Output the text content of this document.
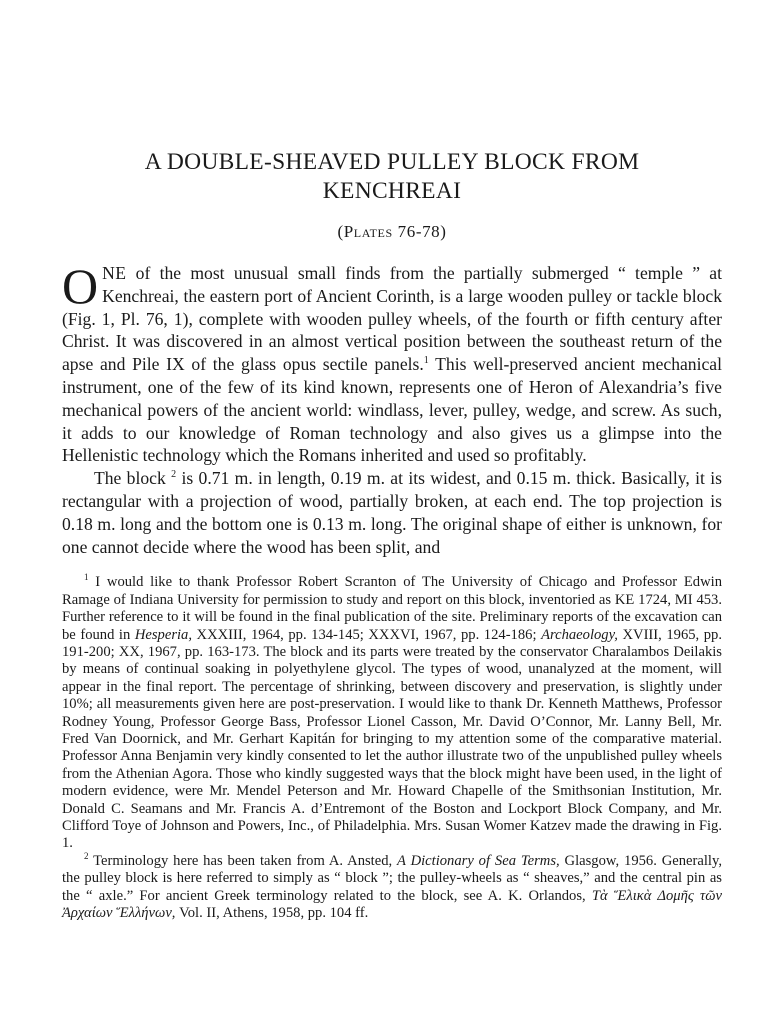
A DOUBLE-SHEAVED PULLEY BLOCK FROM
KENCHREAI
(Plates 76-78)

ONE of the most unusual small finds from the partially submerged “ temple ” at Kenchreai, the eastern port of Ancient Corinth, is a large wooden pulley or tackle block (Fig. 1, Pl. 76, 1), complete with wooden pulley wheels, of the fourth or fifth century after Christ. It was discovered in an almost vertical position between the southeast return of the apse and Pile IX of the glass opus sectile panels.$^1$ This well-preserved ancient mechanical instrument, one of the few of its kind known, represents one of Heron of Alexandria’s five mechanical powers of the ancient world: windlass, lever, pulley, wedge, and screw. As such, it adds to our knowledge of Roman technology and also gives us a glimpse into the Hellenistic technology which the Romans inherited and used so profitably.

The block $^2$ is 0.71 m. in length, 0.19 m. at its widest, and 0.15 m. thick. Basically, it is rectangular with a projection of wood, partially broken, at each end. The top projection is 0.18 m. long and the bottom one is 0.13 m. long. The original shape of either is unknown, for one cannot decide where the wood has been split, and

$^1$ I would like to thank Professor Robert Scranton of The University of Chicago and Professor Edwin Ramage of Indiana University for permission to study and report on this block, inventoried as KE 1724, MI 453. Further reference to it will be found in the final publication of the site. Preliminary reports of the excavation can be found in Hesperia, XXXIII, 1964, pp. 134-145; XXXVI, 1967, pp. 124-186; Archaeology, XVIII, 1965, pp. 191-200; XX, 1967, pp. 163-173. The block and its parts were treated by the conservator Charalambos Deilakis by means of continual soaking in polyethylene glycol. The types of wood, unanalyzed at the moment, will appear in the final report. The percentage of shrinking, between discovery and preservation, is slightly under 10%; all measurements given here are post-preservation. I would like to thank Dr. Kenneth Matthews, Professor Rodney Young, Professor George Bass, Professor Lionel Casson, Mr. David O’Connor, Mr. Lanny Bell, Mr. Fred Van Doornick, and Mr. Gerhart Kapitán for bringing to my attention some of the comparative material. Professor Anna Benjamin very kindly consented to let the author illustrate two of the unpublished pulley wheels from the Athenian Agora. Those who kindly suggested ways that the block might have been used, in the light of modern evidence, were Mr. Mendel Peterson and Mr. Howard Chapelle of the Smithsonian Institution, Mr. Donald C. Seamans and Mr. Francis A. d’Entremont of the Boston and Lockport Block Company, and Mr. Clifford Toye of Johnson and Powers, Inc., of Philadelphia. Mrs. Susan Womer Katzev made the drawing in Fig. 1.

$^2$ Terminology here has been taken from A. Ansted, A Dictionary of Sea Terms, Glasgow, 1956. Generally, the pulley block is here referred to simply as “ block ”; the pulley-wheels as “ sheaves,” and the central pin as the “ axle.” For ancient Greek terminology related to the block, see A. K. Orlandos, Τὰ Ἕλικὰ Δομῆς τῶν Ἀρχαίων Ἕλλήνων, Vol. II, Athens, 1958, pp. 104 ff.
